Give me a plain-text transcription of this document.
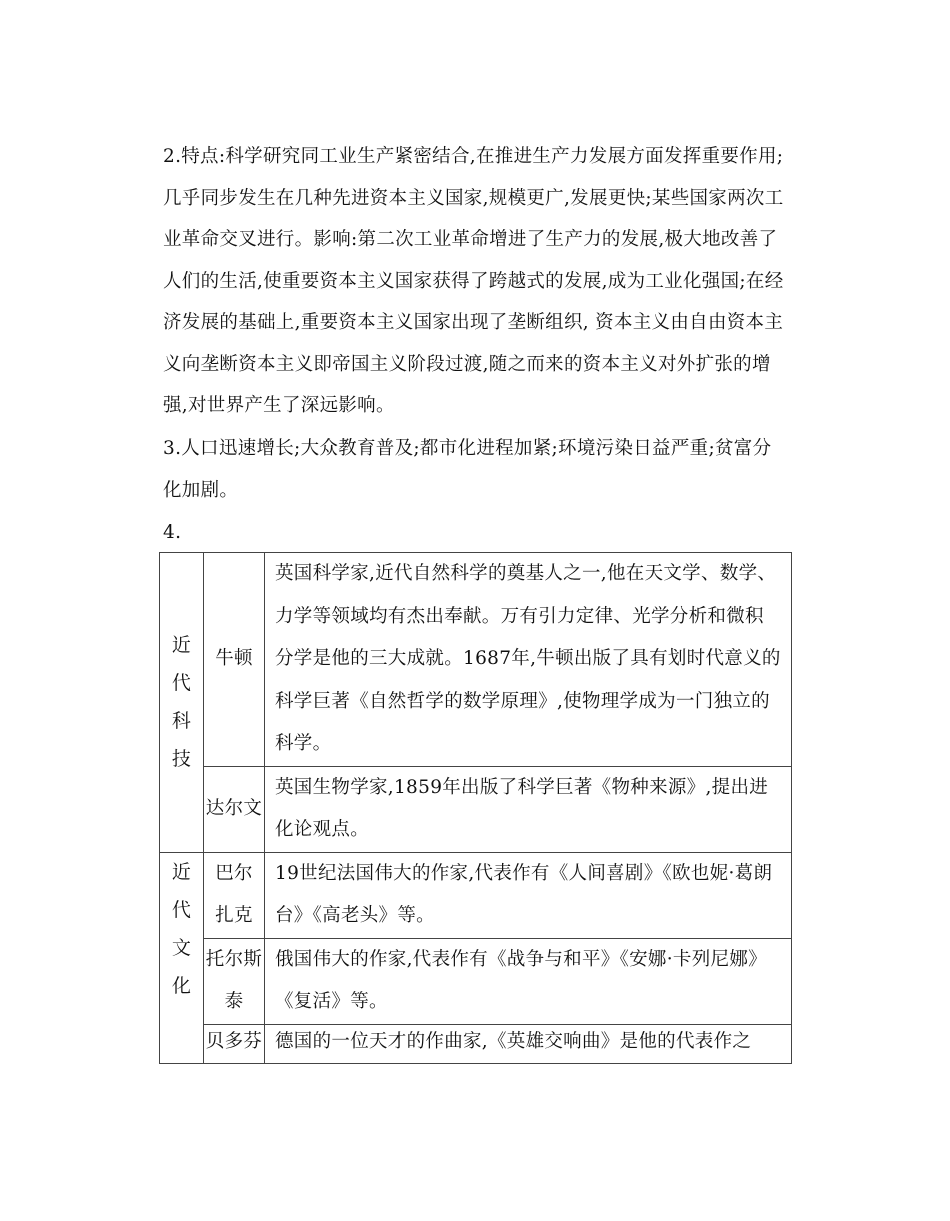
2.特点:科学研究同工业生产紧密结合,在推进生产力发展方面发挥重要作用;几乎同步发生在几种先进资本主义国家,规模更广,发展更快;某些国家两次工业革命交叉进行。影响:第二次工业革命增进了生产力的发展,极大地改善了人们的生活,使重要资本主义国家获得了跨越式的发展,成为工业化强国;在经济发展的基础上,重要资本主义国家出现了垄断组织, 资本主义由自由资本主义向垄断资本主义即帝国主义阶段过渡,随之而来的资本主义对外扩张的增强,对世界产生了深远影响。
3.人口迅速增长;大众教育普及;都市化进程加紧;环境污染日益严重;贫富分化加剧。
4.
近代科技	牛顿	英国科学家,近代自然科学的奠基人之一,他在天文学、数学、力学等领域均有杰出奉献。万有引力定律、光学分析和微积分学是他的三大成就。1687年,牛顿出版了具有划时代意义的科学巨著《自然哲学的数学原理》,使物理学成为一门独立的科学。
	达尔文	英国生物学家,1859年出版了科学巨著《物种来源》,提出进化论观点。
近代文化	巴尔扎克	19世纪法国伟大的作家,代表作有《人间喜剧》《欧也妮·葛朗台》《高老头》等。
	托尔斯泰	俄国伟大的作家,代表作有《战争与和平》《安娜·卡列尼娜》《复活》等。
	贝多芬	德国的一位天才的作曲家,《英雄交响曲》是他的代表作之
